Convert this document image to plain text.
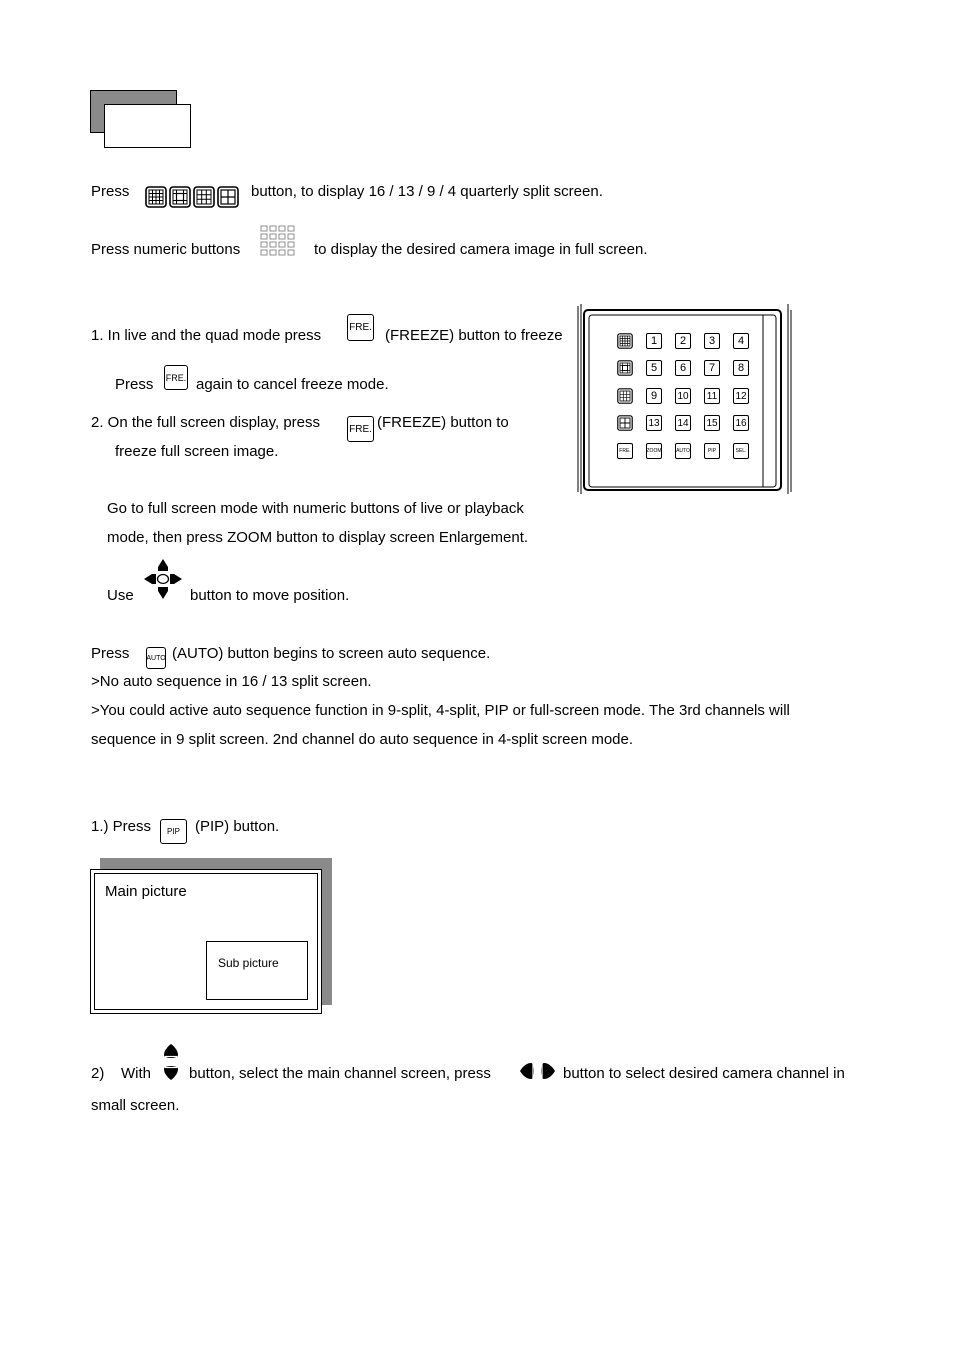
Press	button, to display 16 / 13 / 9 / 4 quarterly split screen.
Press numeric buttons	to display the desired camera image in full screen.
1. In live and the quad mode press	FRE. (FREEZE) button to freeze
Press FRE. again to cancel freeze mode.
2. On the full screen display, press	FRE. (FREEZE) button to
freeze full screen image.
1 2 3 4
5 6 7 8
9 10 11 12
13 14 15 16
FRE.	ZOOM	AUTO	PIP	SEL.
Go to full screen mode with numeric buttons of live or playback
mode, then press ZOOM button to display screen Enlargement.
Use	button to move position.
Press AUTO (AUTO) button begins to screen auto sequence.
>No auto sequence in 16 / 13 split screen.
>You could active auto sequence function in 9-split, 4-split, PIP or full-screen mode. The 3rd channels will
sequence in 9 split screen. 2nd channel do auto sequence in 4-split screen mode.
1.) Press PIP (PIP) button.
Main picture
Sub picture
2) With	button, select the main channel screen, press	button to select desired camera channel in
small screen.
